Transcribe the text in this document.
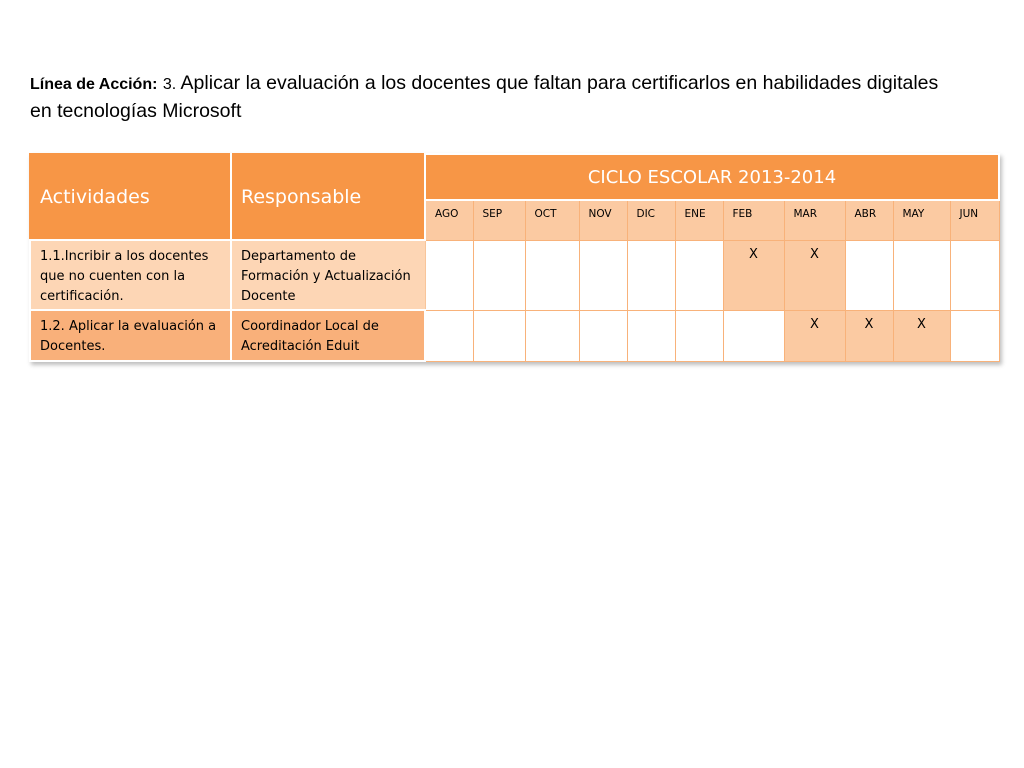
Línea de Acción: 3. Aplicar la evaluación a los docentes que faltan para certificarlos en habilidades digitales en tecnologías Microsoft
Actividades	Responsable	CICLO ESCOLAR 2013-2014										
		AGO	SEP	OCT	NOV	DIC	ENE	FEB	MAR	ABR	MAY	JUN
1.1.Incribir a los docentes que no cuenten con la certificación.	Departamento de Formación y Actualización Docente							X	X			
1.2. Aplicar la evaluación a Docentes.	Coordinador Local de Acreditación Eduit								X	X	X	
